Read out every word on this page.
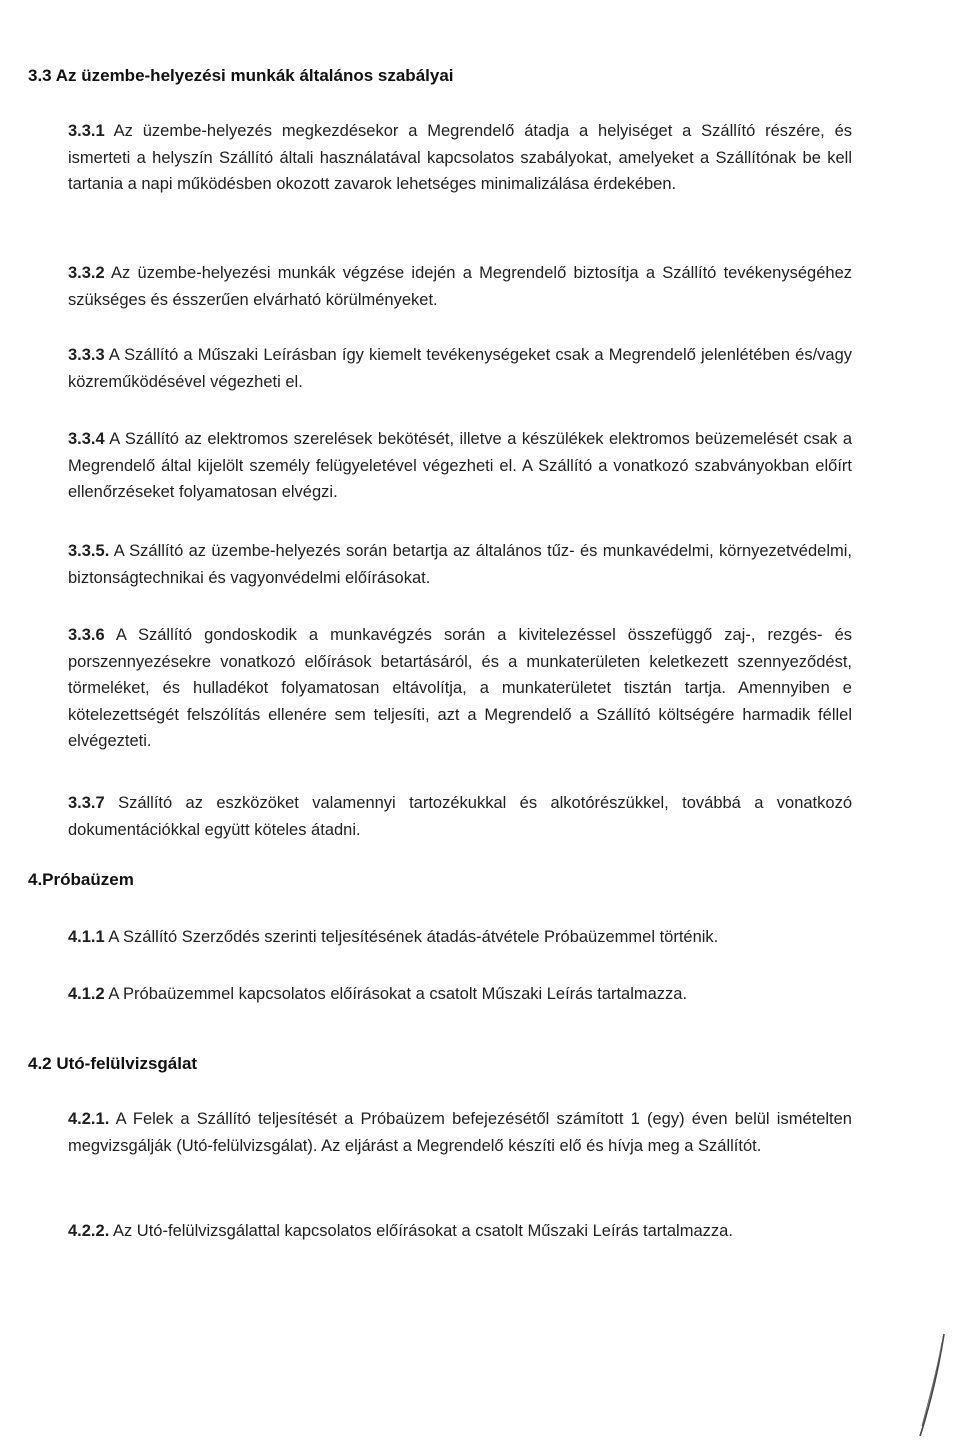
3.3 Az üzembe-helyezési munkák általános szabályai

3.3.1 Az üzembe-helyezés megkezdésekor a Megrendelő átadja a helyiséget a Szállító részére, és ismerteti a helyszín Szállító általi használatával kapcsolatos szabályokat, amelyeket a Szállítónak be kell tartania a napi működésben okozott zavarok lehetséges minimalizálása érdekében.

3.3.2 Az üzembe-helyezési munkák végzése idején a Megrendelő biztosítja a Szállító tevékenységéhez szükséges és ésszerűen elvárható körülményeket.

3.3.3 A Szállító a Műszaki Leírásban így kiemelt tevékenységeket csak a Megrendelő jelenlétében és/vagy közreműködésével végezheti el.

3.3.4 A Szállító az elektromos szerelések bekötését, illetve a készülékek elektromos beüzemelését csak a Megrendelő által kijelölt személy felügyeletével végezheti el. A Szállító a vonatkozó szabványokban előírt ellenőrzéseket folyamatosan elvégzi.

3.3.5. A Szállító az üzembe-helyezés során betartja az általános tűz- és munkavédelmi, környezetvédelmi, biztonságtechnikai és vagyonvédelmi előírásokat.

3.3.6 A Szállító gondoskodik a munkavégzés során a kivitelezéssel összefüggő zaj-, rezgés- és porszennyezésekre vonatkozó előírások betartásáról, és a munkaterületen keletkezett szennyeződést, törmeléket, és hulladékot folyamatosan eltávolítja, a munkaterületet tisztán tartja. Amennyiben e kötelezettségét felszólítás ellenére sem teljesíti, azt a Megrendelő a Szállító költségére harmadik féllel elvégezteti.

3.3.7 Szállító az eszközöket valamennyi tartozékukkal és alkotórészükkel, továbbá a vonatkozó dokumentációkkal együtt köteles átadni.

4.Próbaüzem

4.1.1 A Szállító Szerződés szerinti teljesítésének átadás-átvétele Próbaüzemmel történik.

4.1.2 A Próbaüzemmel kapcsolatos előírásokat a csatolt Műszaki Leírás tartalmazza.

4.2 Utó-felülvizsgálat

4.2.1. A Felek a Szállító teljesítését a Próbaüzem befejezésétől számított 1 (egy) éven belül ismételten megvizsgálják (Utó-felülvizsgálat). Az eljárást a Megrendelő készíti elő és hívja meg a Szállítót.

4.2.2. Az Utó-felülvizsgálattal kapcsolatos előírásokat a csatolt Műszaki Leírás tartalmazza.
